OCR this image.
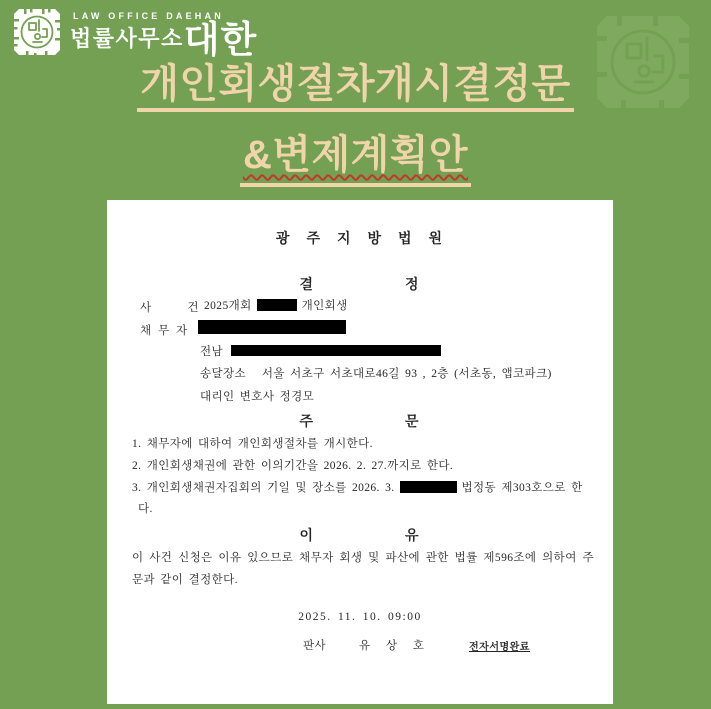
LAW OFFICE DAEHAN
법률사무소 대한
개인회생절차개시결정문
&변제계획안
광  주  지  방  법  원
결            정
사      건 2025개회	개인회생
채 무 자
전남
송달장소   서울 서초구 서초대로46길 93 , 2층 (서초동, 앱코파크)
대리인 변호사 정경모
주            문
1. 채무자에 대하여 개인회생절차를 개시한다.
2. 개인회생채권에 관한 이의기간을 2026. 2. 27.까지로 한다.
3. 개인회생채권자집회의 기일 및 장소를 2026. 3.	법정동 제303호으로 한
다.
이            유
이 사건 신청은 이유 있으므로 채무자 회생 및 파산에 관한 법률 제596조에 의하여 주문과 같이 결정한다.
2025. 11. 10. 09:00
판사	유  상  호	전자서명완료
